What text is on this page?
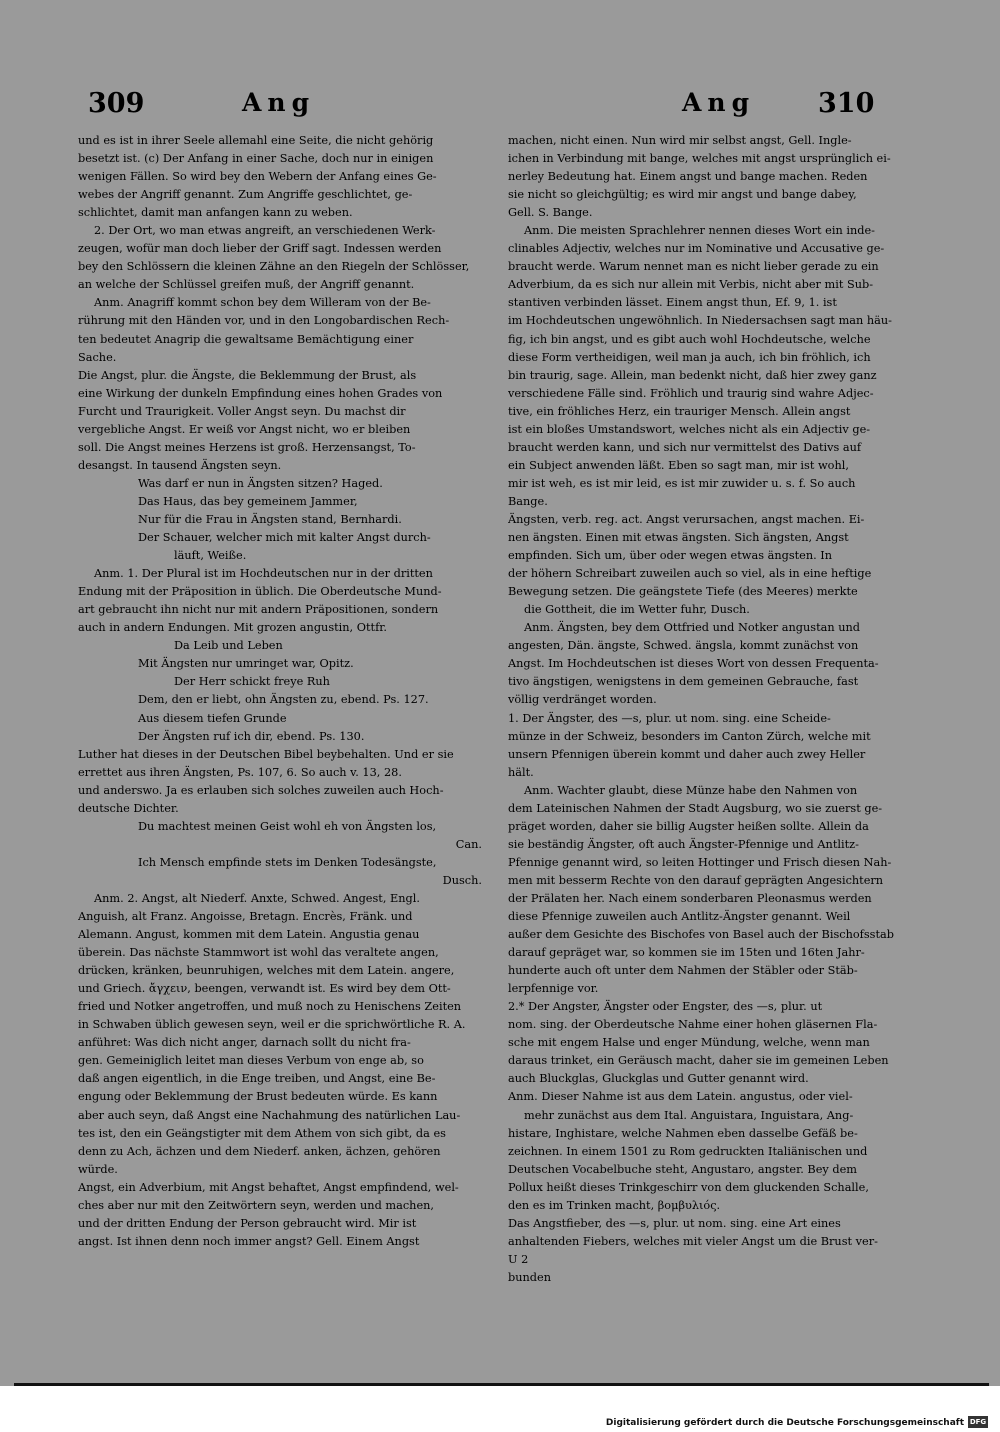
309	Ang	Ang 310

und es ist in ihrer Seele allemahl eine Seite, die nicht gehörig

besetzt ist. (c) Der Anfang in einer Sache, doch nur in einigen

wenigen Fällen. So wird bey den Webern der Anfang eines Ge-

webes der Angriff genannt. Zum Angriffe geschlichtet, ge-

schlichtet, damit man anfangen kann zu weben.

2. Der Ort, wo man etwas angreift, an verschiedenen Werk-

zeugen, wofür man doch lieber der Griff sagt. Indessen werden

bey den Schlössern die kleinen Zähne an den Riegeln der Schlösser,

an welche der Schlüssel greifen muß, der Angriff genannt.

Anm. Anagriff kommt schon bey dem Willeram von der Be-

rührung mit den Händen vor, und in den Longobardischen Rech-

ten bedeutet Anagrip die gewaltsame Bemächtigung einer

Sache.

Die Angst, plur. die Ängste, die Beklemmung der Brust, als

eine Wirkung der dunkeln Empfindung eines hohen Grades von

Furcht und Traurigkeit. Voller Angst seyn. Du machst dir

vergebliche Angst. Er weiß vor Angst nicht, wo er bleiben

soll. Die Angst meines Herzens ist groß. Herzensangst, To-

desangst. In tausend Ängsten seyn.

Was darf er nun in Ängsten sitzen? Haged.

Das Haus, das bey gemeinem Jammer,

Nur für die Frau in Ängsten stand, Bernhardi.

Der Schauer, welcher mich mit kalter Angst durch-

läuft, Weiße.

Anm. 1. Der Plural ist im Hochdeutschen nur in der dritten

Endung mit der Präposition in üblich. Die Oberdeutsche Mund-

art gebraucht ihn nicht nur mit andern Präpositionen, sondern

auch in andern Endungen. Mit grozen angustin, Ottfr.

Da Leib und Leben

Mit Ängsten nur umringet war, Opitz.

Der Herr schickt freye Ruh

Dem, den er liebt, ohn Ängsten zu, ebend. Ps. 127.

Aus diesem tiefen Grunde

Der Ängsten ruf ich dir, ebend. Ps. 130.

Luther hat dieses in der Deutschen Bibel beybehalten. Und er sie

errettet aus ihren Ängsten, Ps. 107, 6. So auch v. 13, 28.

und anderswo. Ja es erlauben sich solches zuweilen auch Hoch-

deutsche Dichter.

Du machtest meinen Geist wohl eh von Ängsten los,

Can.

Ich Mensch empfinde stets im Denken Todesängste,

Dusch.

Anm. 2. Angst, alt Niederf. Anxte, Schwed. Angest, Engl.

Anguish, alt Franz. Angoisse, Bretagn. Encrès, Fränk. und

Alemann. Angust, kommen mit dem Latein. Angustia genau

überein. Das nächste Stammwort ist wohl das veraltete angen,

drücken, kränken, beunruhigen, welches mit dem Latein. angere,

und Griech. ἄγχειν, beengen, verwandt ist. Es wird bey dem Ott-

fried und Notker angetroffen, und muß noch zu Henischens Zeiten

in Schwaben üblich gewesen seyn, weil er die sprichwörtliche R. A.

anführet: Was dich nicht anger, darnach sollt du nicht fra-

gen. Gemeiniglich leitet man dieses Verbum von enge ab, so

daß angen eigentlich, in die Enge treiben, und Angst, eine Be-

engung oder Beklemmung der Brust bedeuten würde. Es kann

aber auch seyn, daß Angst eine Nachahmung des natürlichen Lau-

tes ist, den ein Geängstigter mit dem Athem von sich gibt, da es

denn zu Ach, ächzen und dem Niederf. anken, ächzen, gehören

würde.

Angst, ein Adverbium, mit Angst behaftet, Angst empfindend, wel-

ches aber nur mit den Zeitwörtern seyn, werden und machen,

und der dritten Endung der Person gebraucht wird. Mir ist

angst. Ist ihnen denn noch immer angst? Gell. Einem Angst

machen, nicht einen. Nun wird mir selbst angst, Gell. Ingle-

ichen in Verbindung mit bange, welches mit angst ursprünglich ei-

nerley Bedeutung hat. Einem angst und bange machen. Reden

sie nicht so gleichgültig; es wird mir angst und bange dabey,

Gell. S. Bange.

Anm. Die meisten Sprachlehrer nennen dieses Wort ein inde-

clinables Adjectiv, welches nur im Nominative und Accusative ge-

braucht werde. Warum nennet man es nicht lieber gerade zu ein

Adverbium, da es sich nur allein mit Verbis, nicht aber mit Sub-

stantiven verbinden lässet. Einem angst thun, Ef. 9, 1. ist

im Hochdeutschen ungewöhnlich. In Niedersachsen sagt man häu-

fig, ich bin angst, und es gibt auch wohl Hochdeutsche, welche

diese Form vertheidigen, weil man ja auch, ich bin fröhlich, ich

bin traurig, sage. Allein, man bedenkt nicht, daß hier zwey ganz

verschiedene Fälle sind. Fröhlich und traurig sind wahre Adjec-

tive, ein fröhliches Herz, ein trauriger Mensch. Allein angst

ist ein bloßes Umstandswort, welches nicht als ein Adjectiv ge-

braucht werden kann, und sich nur vermittelst des Dativs auf

ein Subject anwenden läßt. Eben so sagt man, mir ist wohl,

mir ist weh, es ist mir leid, es ist mir zuwider u. s. f. So auch

Bange.

Ängsten, verb. reg. act. Angst verursachen, angst machen. Ei-

nen ängsten. Einen mit etwas ängsten. Sich ängsten, Angst

empfinden. Sich um, über oder wegen etwas ängsten. In

der höhern Schreibart zuweilen auch so viel, als in eine heftige

Bewegung setzen. Die geängstete Tiefe (des Meeres) merkte

die Gottheit, die im Wetter fuhr, Dusch.

Anm. Ängsten, bey dem Ottfried und Notker angustan und

angesten, Dän. ängste, Schwed. ängsla, kommt zunächst von

Angst. Im Hochdeutschen ist dieses Wort von dessen Frequenta-

tivo ängstigen, wenigstens in dem gemeinen Gebrauche, fast

völlig verdränget worden.

1. Der Ängster, des —s, plur. ut nom. sing. eine Scheide-

münze in der Schweiz, besonders im Canton Zürch, welche mit

unsern Pfennigen überein kommt und daher auch zwey Heller

hält.

Anm. Wachter glaubt, diese Münze habe den Nahmen von

dem Lateinischen Nahmen der Stadt Augsburg, wo sie zuerst ge-

präget worden, daher sie billig Augster heißen sollte. Allein da

sie beständig Ängster, oft auch Ängster-Pfennige und Antlitz-

Pfennige genannt wird, so leiten Hottinger und Frisch diesen Nah-

men mit besserm Rechte von den darauf geprägten Angesichtern

der Prälaten her. Nach einem sonderbaren Pleonasmus werden

diese Pfennige zuweilen auch Antlitz-Ängster genannt. Weil

außer dem Gesichte des Bischofes von Basel auch der Bischofsstab

darauf gepräget war, so kommen sie im 15ten und 16ten Jahr-

hunderte auch oft unter dem Nahmen der Stäbler oder Stäb-

lerpfennige vor.

2.* Der Angster, Ängster oder Engster, des —s, plur. ut

nom. sing. der Oberdeutsche Nahme einer hohen gläsernen Fla-

sche mit engem Halse und enger Mündung, welche, wenn man

daraus trinket, ein Geräusch macht, daher sie im gemeinen Leben

auch Bluckglas, Gluckglas und Gutter genannt wird.

Anm. Dieser Nahme ist aus dem Latein. angustus, oder viel-

mehr zunächst aus dem Ital. Anguistara, Inguistara, Ang-

histare, Inghistare, welche Nahmen eben dasselbe Gefäß be-

zeichnen. In einem 1501 zu Rom gedruckten Italiänischen und

Deutschen Vocabelbuche steht, Angustaro, angster. Bey dem

Pollux heißt dieses Trinkgeschirr von dem gluckenden Schalle,

den es im Trinken macht, βομβυλιός.

Das Angstfieber, des —s, plur. ut nom. sing. eine Art eines

anhaltenden Fiebers, welches mit vieler Angst um die Brust ver-

U 2

bunden

Digitalisierung gefördert durch die Deutsche Forschungsgemeinschaft DFG
